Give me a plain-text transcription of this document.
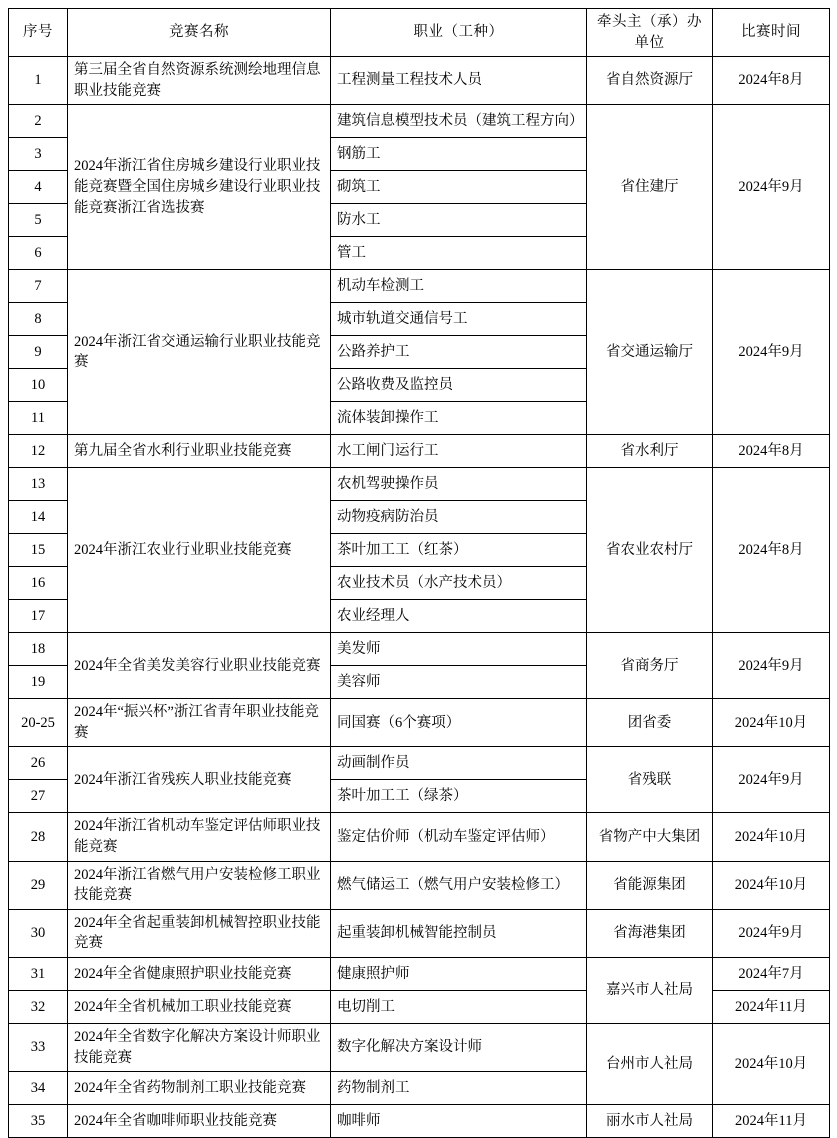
序号	竞赛名称	职业（工种）	牵头主（承）办单位	比赛时间
1	第三届全省自然资源系统测绘地理信息职业技能竞赛	工程测量工程技术人员	省自然资源厅	2024年8月
2	2024年浙江省住房城乡建设行业职业技能竞赛暨全国住房城乡建设行业职业技能竞赛浙江省选拔赛	建筑信息模型技术员（建筑工程方向）	省住建厅	2024年9月
3		钢筋工		
4		砌筑工		
5		防水工		
6		管工		
7	2024年浙江省交通运输行业职业技能竞赛	机动车检测工	省交通运输厅	2024年9月
8		城市轨道交通信号工		
9		公路养护工		
10		公路收费及监控员		
11		流体装卸操作工		
12	第九届全省水利行业职业技能竞赛	水工闸门运行工	省水利厅	2024年8月
13	2024年浙江农业行业职业技能竞赛	农机驾驶操作员	省农业农村厅	2024年8月
14		动物疫病防治员		
15		茶叶加工工（红茶）		
16		农业技术员（水产技术员）		
17		农业经理人		
18	2024年全省美发美容行业职业技能竞赛	美发师	省商务厅	2024年9月
19		美容师		
20-25	2024年“振兴杯”浙江省青年职业技能竞赛	同国赛（6个赛项）	团省委	2024年10月
26	2024年浙江省残疾人职业技能竞赛	动画制作员	省残联	2024年9月
27		茶叶加工工（绿茶）		
28	2024年浙江省机动车鉴定评估师职业技能竞赛	鉴定估价师（机动车鉴定评估师）	省物产中大集团	2024年10月
29	2024年浙江省燃气用户安装检修工职业技能竞赛	燃气储运工（燃气用户安装检修工）	省能源集团	2024年10月
30	2024年全省起重装卸机械智控职业技能竞赛	起重装卸机械智能控制员	省海港集团	2024年9月
31	2024年全省健康照护职业技能竞赛	健康照护师	嘉兴市人社局	2024年7月
32	2024年全省机械加工职业技能竞赛	电切削工		2024年11月
33	2024年全省数字化解决方案设计师职业技能竞赛	数字化解决方案设计师	台州市人社局	2024年10月
34	2024年全省药物制剂工职业技能竞赛	药物制剂工		
35	2024年全省咖啡师职业技能竞赛	咖啡师	丽水市人社局	2024年11月
